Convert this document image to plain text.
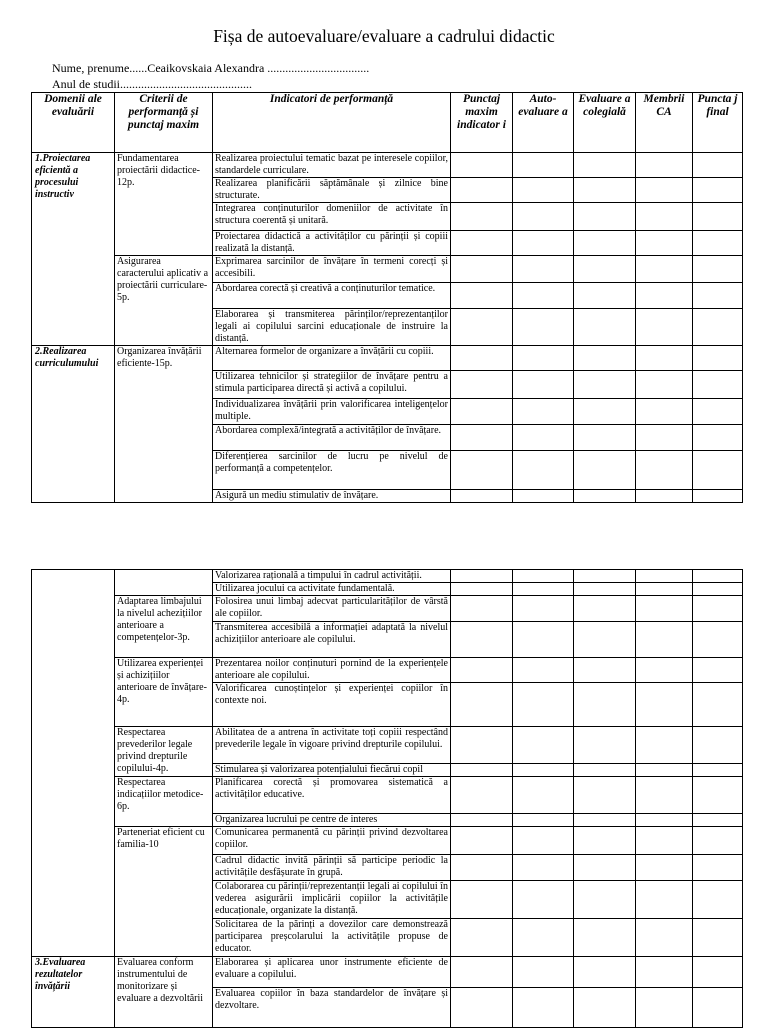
Fișa de autoevaluare/evaluare a cadrului didactic
Nume, prenume......Ceaikovskaia Alexandra ..................................
Anul de studii............................................
Domenii ale evaluării	Criterii de performanță și punctaj maxim	Indicatori de performanță	Punctaj maxim indicator i	Auto-evaluare a	Evaluare a colegială	Membrii CA	Puncta j final
1.Proiectarea eficientă a procesului instructiv	Fundamentarea proiectării didactice-12p.	Realizarea proiectului tematic bazat pe interesele copiilor, standardele curriculare.					
		Realizarea planificării săptămânale și zilnice bine structurate.					
		Integrarea conținuturilor domeniilor de activitate în structura coerentă și unitară.					
		Proiectarea didactică a activităților cu părinții și copiii realizată la distanță.					
	Asigurarea caracterului aplicativ a proiectării curriculare-5p.	Exprimarea sarcinilor de învățare în termeni corecți și accesibili.					
		Abordarea corectă și creativă a conținuturilor tematice.					
		Elaborarea și transmiterea părinților/reprezentanților legali ai copilului sarcini educaționale de instruire la distanță.					
2.Realizarea curriculumului	Organizarea învățării eficiente-15p.	Alternarea formelor de organizare a învățării cu copiii.					
		Utilizarea tehnicilor și strategiilor de învățare pentru a stimula participarea directă și activă a copilului.					
		Individualizarea învățării prin valorificarea inteligențelor multiple.					
		Abordarea complexă/integrată a activităților de învățare.					
		Diferențierea sarcinilor de lucru pe nivelul de performanță a competențelor.					
		Asigură un mediu stimulativ de învățare.					
		Valorizarea rațională a timpului în cadrul activității.					
		Utilizarea jocului ca activitate fundamentală.					
	Adaptarea limbajului la nivelul achezițiilor anterioare a competențelor-3p.	Folosirea unui limbaj adecvat particularităților de vârstă ale copiilor.					
		Transmiterea accesibilă a informației adaptată la nivelul achizițiilor anterioare ale copilului.					
	Utilizarea experienței și achizițiilor anterioare de învățare-4p.	Prezentarea noilor conținuturi pornind de la experiențele anterioare ale copilului.					
		Valorificarea cunoștințelor și experienței copiilor în contexte noi.					
	Respectarea prevederilor legale privind drepturile copilului-4p.	Abilitatea de a antrena în activitate toți copiii respectând prevederile legale în vigoare privind drepturile copilului.					
		Stimularea și valorizarea potențialului fiecărui copil					
	Respectarea indicațiilor metodice-6p.	Planificarea corectă și promovarea sistematică a activităților educative.					
		Organizarea lucrului pe centre de interes					
	Parteneriat eficient cu familia-10	Comunicarea permanentă cu părinții privind dezvoltarea copiilor.					
		Cadrul didactic invită părinții să participe periodic la activitățile desfășurate în grupă.					
		Colaborarea cu părinții/reprezentanții legali ai copilului în vederea asigurării implicării copiilor la activitățile educaționale, organizate la distanță.					
		Solicitarea de la părinți a dovezilor care demonstrează participarea preșcolarului la activitățile propuse de educator.					
3.Evaluarea rezultatelor învățării	Evaluarea conform instrumentului de monitorizare și evaluare a dezvoltării	Elaborarea și aplicarea unor instrumente eficiente de evaluare a copilului.					
		Evaluarea copiilor în baza standardelor de învățare și dezvoltare.					
